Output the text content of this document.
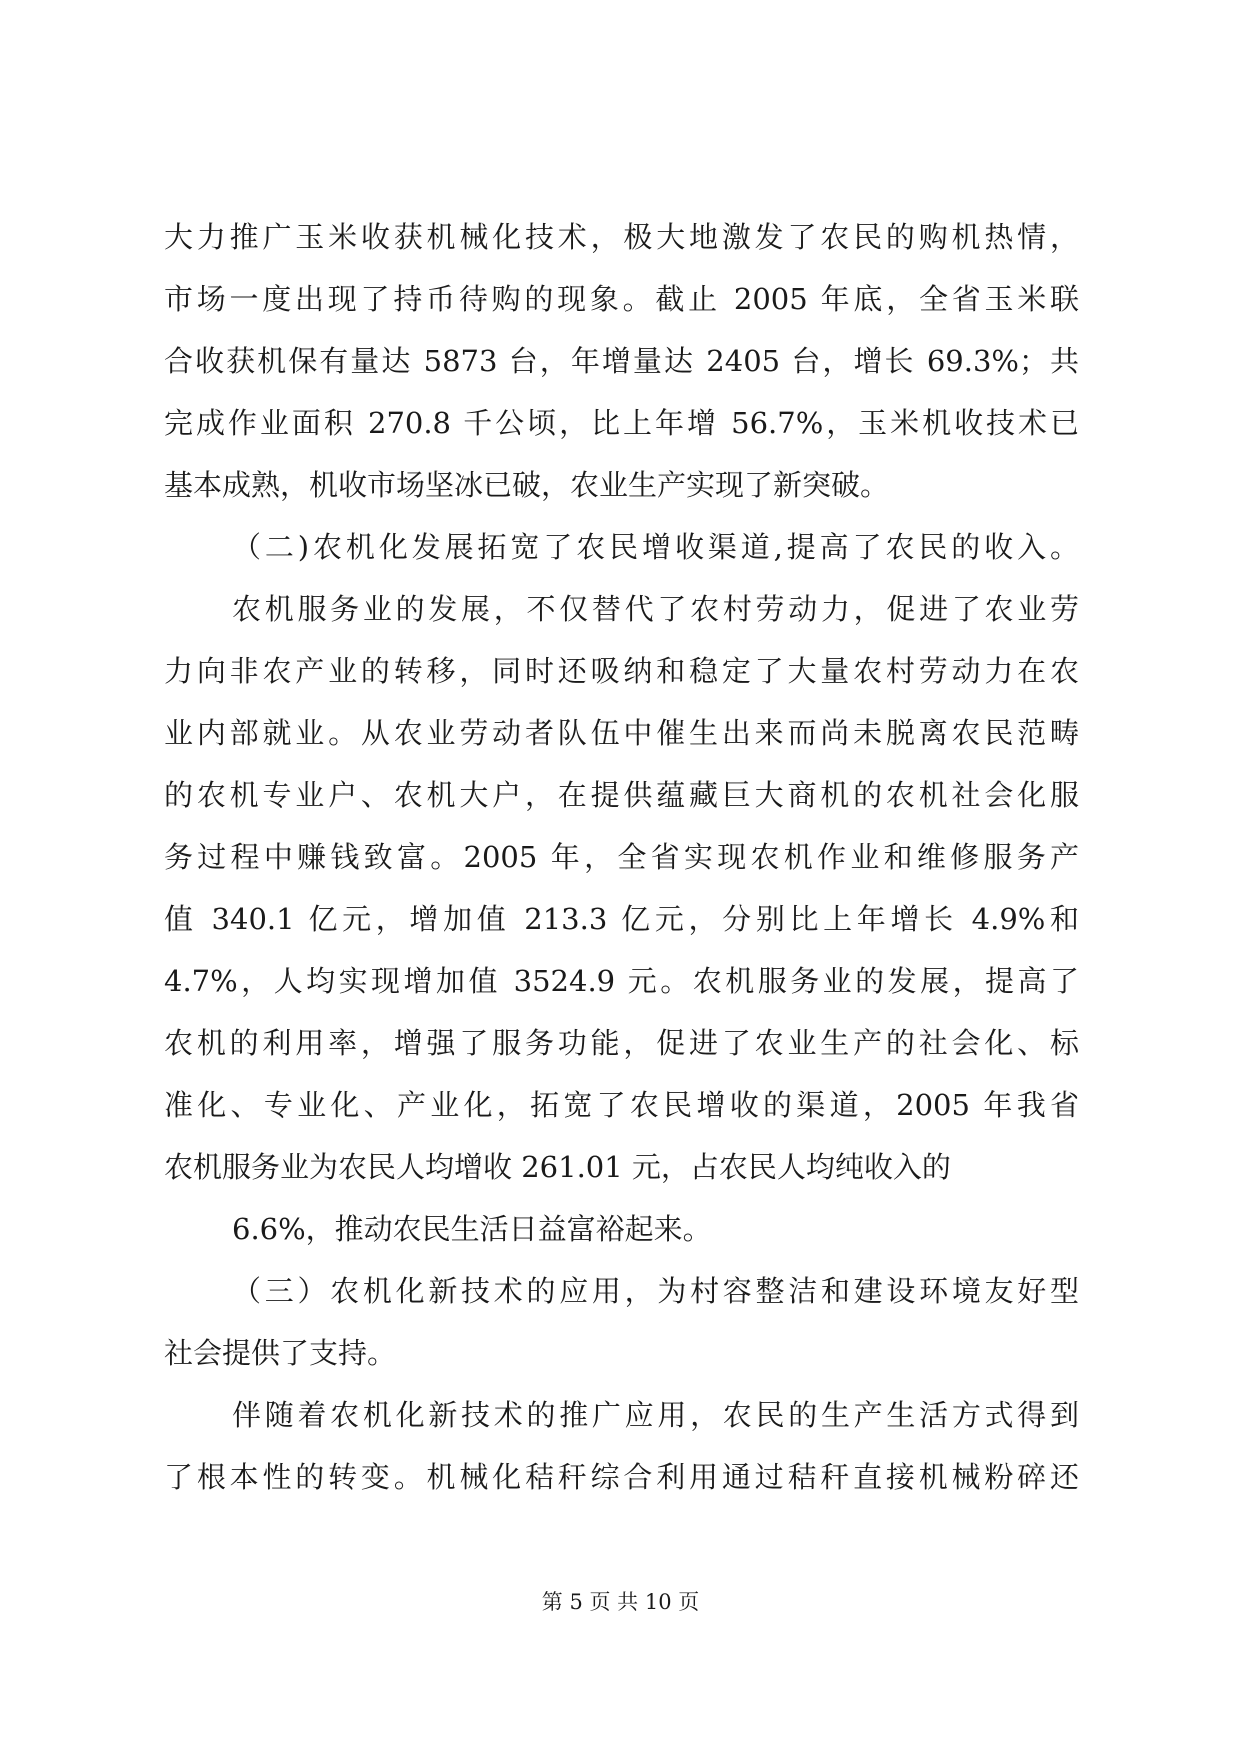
大力推广玉米收获机械化技术，极大地激发了农民的购机热情，
市场一度出现了持币待购的现象。截止 2005 年底，全省玉米联
合收获机保有量达 5873 台，年增量达 2405 台，增长 69.3%；共
完成作业面积 270.8 千公顷，比上年增 56.7%，玉米机收技术已
基本成熟，机收市场坚冰已破，农业生产实现了新突破。
（二)农机化发展拓宽了农民增收渠道,提高了农民的收入。
农机服务业的发展，不仅替代了农村劳动力，促进了农业劳
力向非农产业的转移，同时还吸纳和稳定了大量农村劳动力在农
业内部就业。从农业劳动者队伍中催生出来而尚未脱离农民范畴
的农机专业户、农机大户，在提供蕴藏巨大商机的农机社会化服
务过程中赚钱致富。2005 年，全省实现农机作业和维修服务产
值 340.1 亿元，增加值 213.3 亿元，分别比上年增长 4.9%和
4.7%，人均实现增加值 3524.9 元。农机服务业的发展，提高了
农机的利用率，增强了服务功能，促进了农业生产的社会化、标
准化、专业化、产业化，拓宽了农民增收的渠道，2005 年我省
农机服务业为农民人均增收 261.01 元，占农民人均纯收入的
6.6%，推动农民生活日益富裕起来。
（三）农机化新技术的应用，为村容整洁和建设环境友好型
社会提供了支持。
伴随着农机化新技术的推广应用，农民的生产生活方式得到
了根本性的转变。机械化秸秆综合利用通过秸秆直接机械粉碎还
第 5 页 共 10 页
